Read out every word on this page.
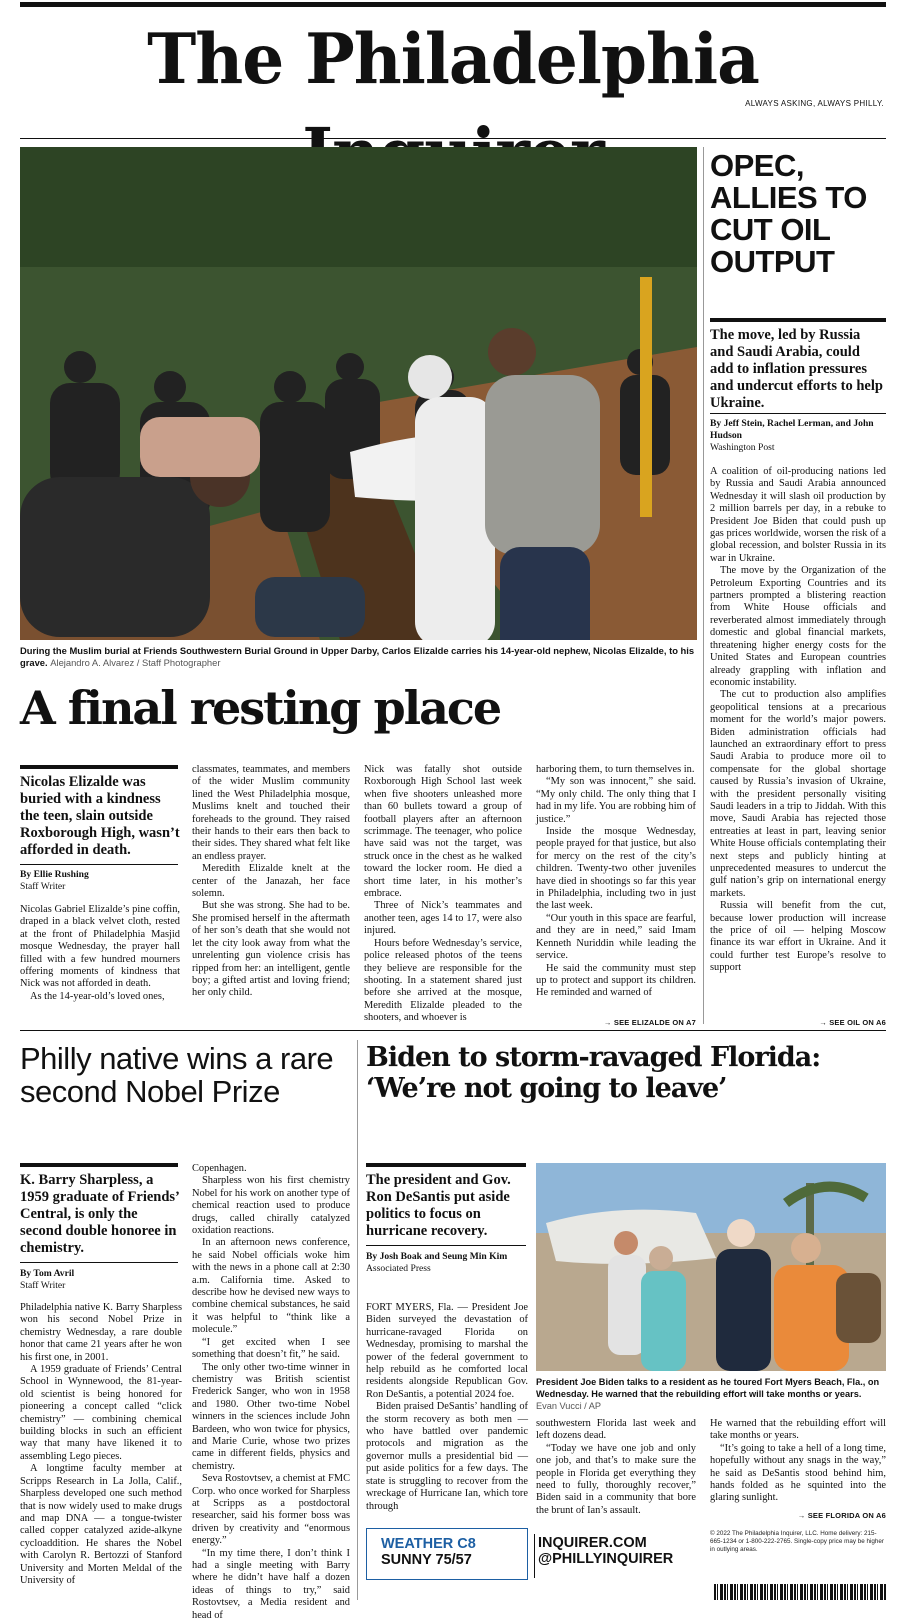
The Philadelphia
ALWAYS ASKING, ALWAYS PHILLY.
During the Muslim burial at Friends Southwestern Burial Ground in Upper Darby, Carlos Elizalde carries his 14-year-old nephew, Nicolas Elizalde, to his grave. Alejandro A. Alvarez / Staff Photographer
A final resting place
Nicolas Elizalde was buried with a kindness the teen, slain outside Roxborough High, wasn’t afforded in death.
By Ellie Rushing
Staff Writer

Nicolas Gabriel Elizalde’s pine coffin, draped in a black velvet cloth, rested at the front of Philadelphia Masjid mosque Wednesday, the prayer hall filled with a few hundred mourners offering moments of kindness that Nick was not afforded in death.

As the 14-year-old’s loved ones,

classmates, teammates, and members of the wider Muslim community lined the West Philadelphia mosque, Muslims knelt and touched their foreheads to the ground. They raised their hands to their ears then back to their sides. They shared what felt like an endless prayer.

Meredith Elizalde knelt at the center of the Janazah, her face solemn.

But she was strong. She had to be. She promised herself in the aftermath of her son’s death that she would not let the city look away from what the unrelenting gun violence crisis has ripped from her: an intelligent, gentle boy; a gifted artist and loving friend; her only child.

Nick was fatally shot outside Roxborough High School last week when five shooters unleashed more than 60 bullets toward a group of football players after an afternoon scrimmage. The teenager, who police have said was not the target, was struck once in the chest as he walked toward the locker room. He died a short time later, in his mother’s embrace.

Three of Nick’s teammates and another teen, ages 14 to 17, were also injured.

Hours before Wednesday’s service, police released photos of the teens they believe are responsible for the shooting. In a statement shared just before she arrived at the mosque, Meredith Elizalde pleaded to the shooters, and whoever is

harboring them, to turn themselves in.

“My son was innocent,” she said. “My only child. The only thing that I had in my life. You are robbing him of justice.”

Inside the mosque Wednesday, people prayed for that justice, but also for mercy on the rest of the city’s children. Twenty-two other juveniles have died in shootings so far this year in Philadelphia, including two in just the last week.

“Our youth in this space are fearful, and they are in need,” said Imam Kenneth Nuriddin while leading the service.

He said the community must step up to protect and support its children. He reminded and warned of

→ SEE ELIZALDE ON A7
OPEC, ALLIES TO CUT OIL OUTPUT
The move, led by Russia and Saudi Arabia, could add to inflation pressures and undercut efforts to help Ukraine.
By Jeff Stein, Rachel Lerman, and John Hudson
Washington Post

A coalition of oil-producing nations led by Russia and Saudi Arabia announced Wednesday it will slash oil production by 2 million barrels per day, in a rebuke to President Joe Biden that could push up gas prices worldwide, worsen the risk of a global recession, and bolster Russia in its war in Ukraine.

The move by the Organization of the Petroleum Exporting Countries and its partners prompted a blistering reaction from White House officials and reverberated almost immediately through domestic and global financial markets, threatening higher energy costs for the United States and European countries already grappling with inflation and economic instability.

The cut to production also amplifies geopolitical tensions at a precarious moment for the world’s major powers. Biden administration officials had launched an extraordinary effort to press Saudi Arabia to produce more oil to compensate for the global shortage caused by Russia’s invasion of Ukraine, with the president personally visiting Saudi leaders in a trip to Jiddah. With this move, Saudi Arabia has rejected those entreaties at least in part, leaving senior White House officials contemplating their next steps and publicly hinting at unprecedented measures to undercut the gulf nation’s grip on international energy markets.

Russia will benefit from the cut, because lower production will increase the price of oil — helping Moscow finance its war effort in Ukraine. And it could further test Europe’s resolve to support

→ SEE OIL ON A6
Philly native wins a rare second Nobel Prize
K. Barry Sharpless, a 1959 graduate of Friends’ Central, is only the second double honoree in chemistry.
By Tom Avril
Staff Writer

Philadelphia native K. Barry Sharpless won his second Nobel Prize in chemistry Wednesday, a rare double honor that came 21 years after he won his first one, in 2001.

A 1959 graduate of Friends’ Central School in Wynnewood, the 81-year-old scientist is being honored for pioneering a concept called “click chemistry” — combining chemical building blocks in such an efficient way that many have likened it to assembling Lego pieces.

A longtime faculty member at Scripps Research in La Jolla, Calif., Sharpless developed one such method that is now widely used to make drugs and map DNA — a tongue-twister called copper catalyzed azide-alkyne cycloaddition. He shares the Nobel with Carolyn R. Bertozzi of Stanford University and Morten Meldal of the University of

Copenhagen.

Sharpless won his first chemistry Nobel for his work on another type of chemical reaction used to produce drugs, called chirally catalyzed oxidation reactions.

In an afternoon news conference, he said Nobel officials woke him with the news in a phone call at 2:30 a.m. California time. Asked to describe how he devised new ways to combine chemical substances, he said it was helpful to “think like a molecule.”

“I get excited when I see something that doesn’t fit,” he said.

The only other two-time winner in chemistry was British scientist Frederick Sanger, who won in 1958 and 1980. Other two-time Nobel winners in the sciences include John Bardeen, who won twice for physics, and Marie Curie, whose two prizes came in different fields, physics and chemistry.

Seva Rostovtsev, a chemist at FMC Corp. who once worked for Sharpless at Scripps as a postdoctoral researcher, said his former boss was driven by creativity and “enormous energy.”

“In my time there, I don’t think I had a single meeting with Barry where he didn’t have half a dozen ideas of things to try,” said Rostovtsev, a Media resident and head of

Biden to storm-ravaged Florida: ‘We’re not going to leave’
The president and Gov. Ron DeSantis put aside politics to focus on hurricane recovery.
By Josh Boak and Seung Min Kim
Associated Press

FORT MYERS, Fla. — President Joe Biden surveyed the devastation of hurricane-ravaged Florida on Wednesday, promising to marshal the power of the federal government to help rebuild as he comforted local residents alongside Republican Gov. Ron DeSantis, a potential 2024 foe.

Biden praised DeSantis’ handling of the storm recovery as both men — who have battled over pandemic protocols and migration as the governor mulls a presidential bid — put aside politics for a few days. The state is struggling to recover from the wreckage of Hurricane Ian, which tore through

President Joe Biden talks to a resident as he toured Fort Myers Beach, Fla., on Wednesday. He warned that the rebuilding effort will take months or years. Evan Vucci / AP

southwestern Florida last week and left dozens dead.

“Today we have one job and only one job, and that’s to make sure the people in Florida get everything they need to fully, thoroughly recover,” Biden said in a community that bore the brunt of Ian’s assault.

He warned that the rebuilding effort will take months or years.

“It’s going to take a hell of a long time, hopefully without any snags in the way,” he said as DeSantis stood behind him, hands folded as he squinted into the glaring sunlight.

→ SEE FLORIDA ON A6
WEATHER C8
SUNNY 75/57
INQUIRER.COM
@PHILLYINQUIRER
© 2022 The Philadelphia Inquirer, LLC. Home delivery: 215-665-1234 or 1-800-222-2765. Single-copy price may be higher in outlying areas.
